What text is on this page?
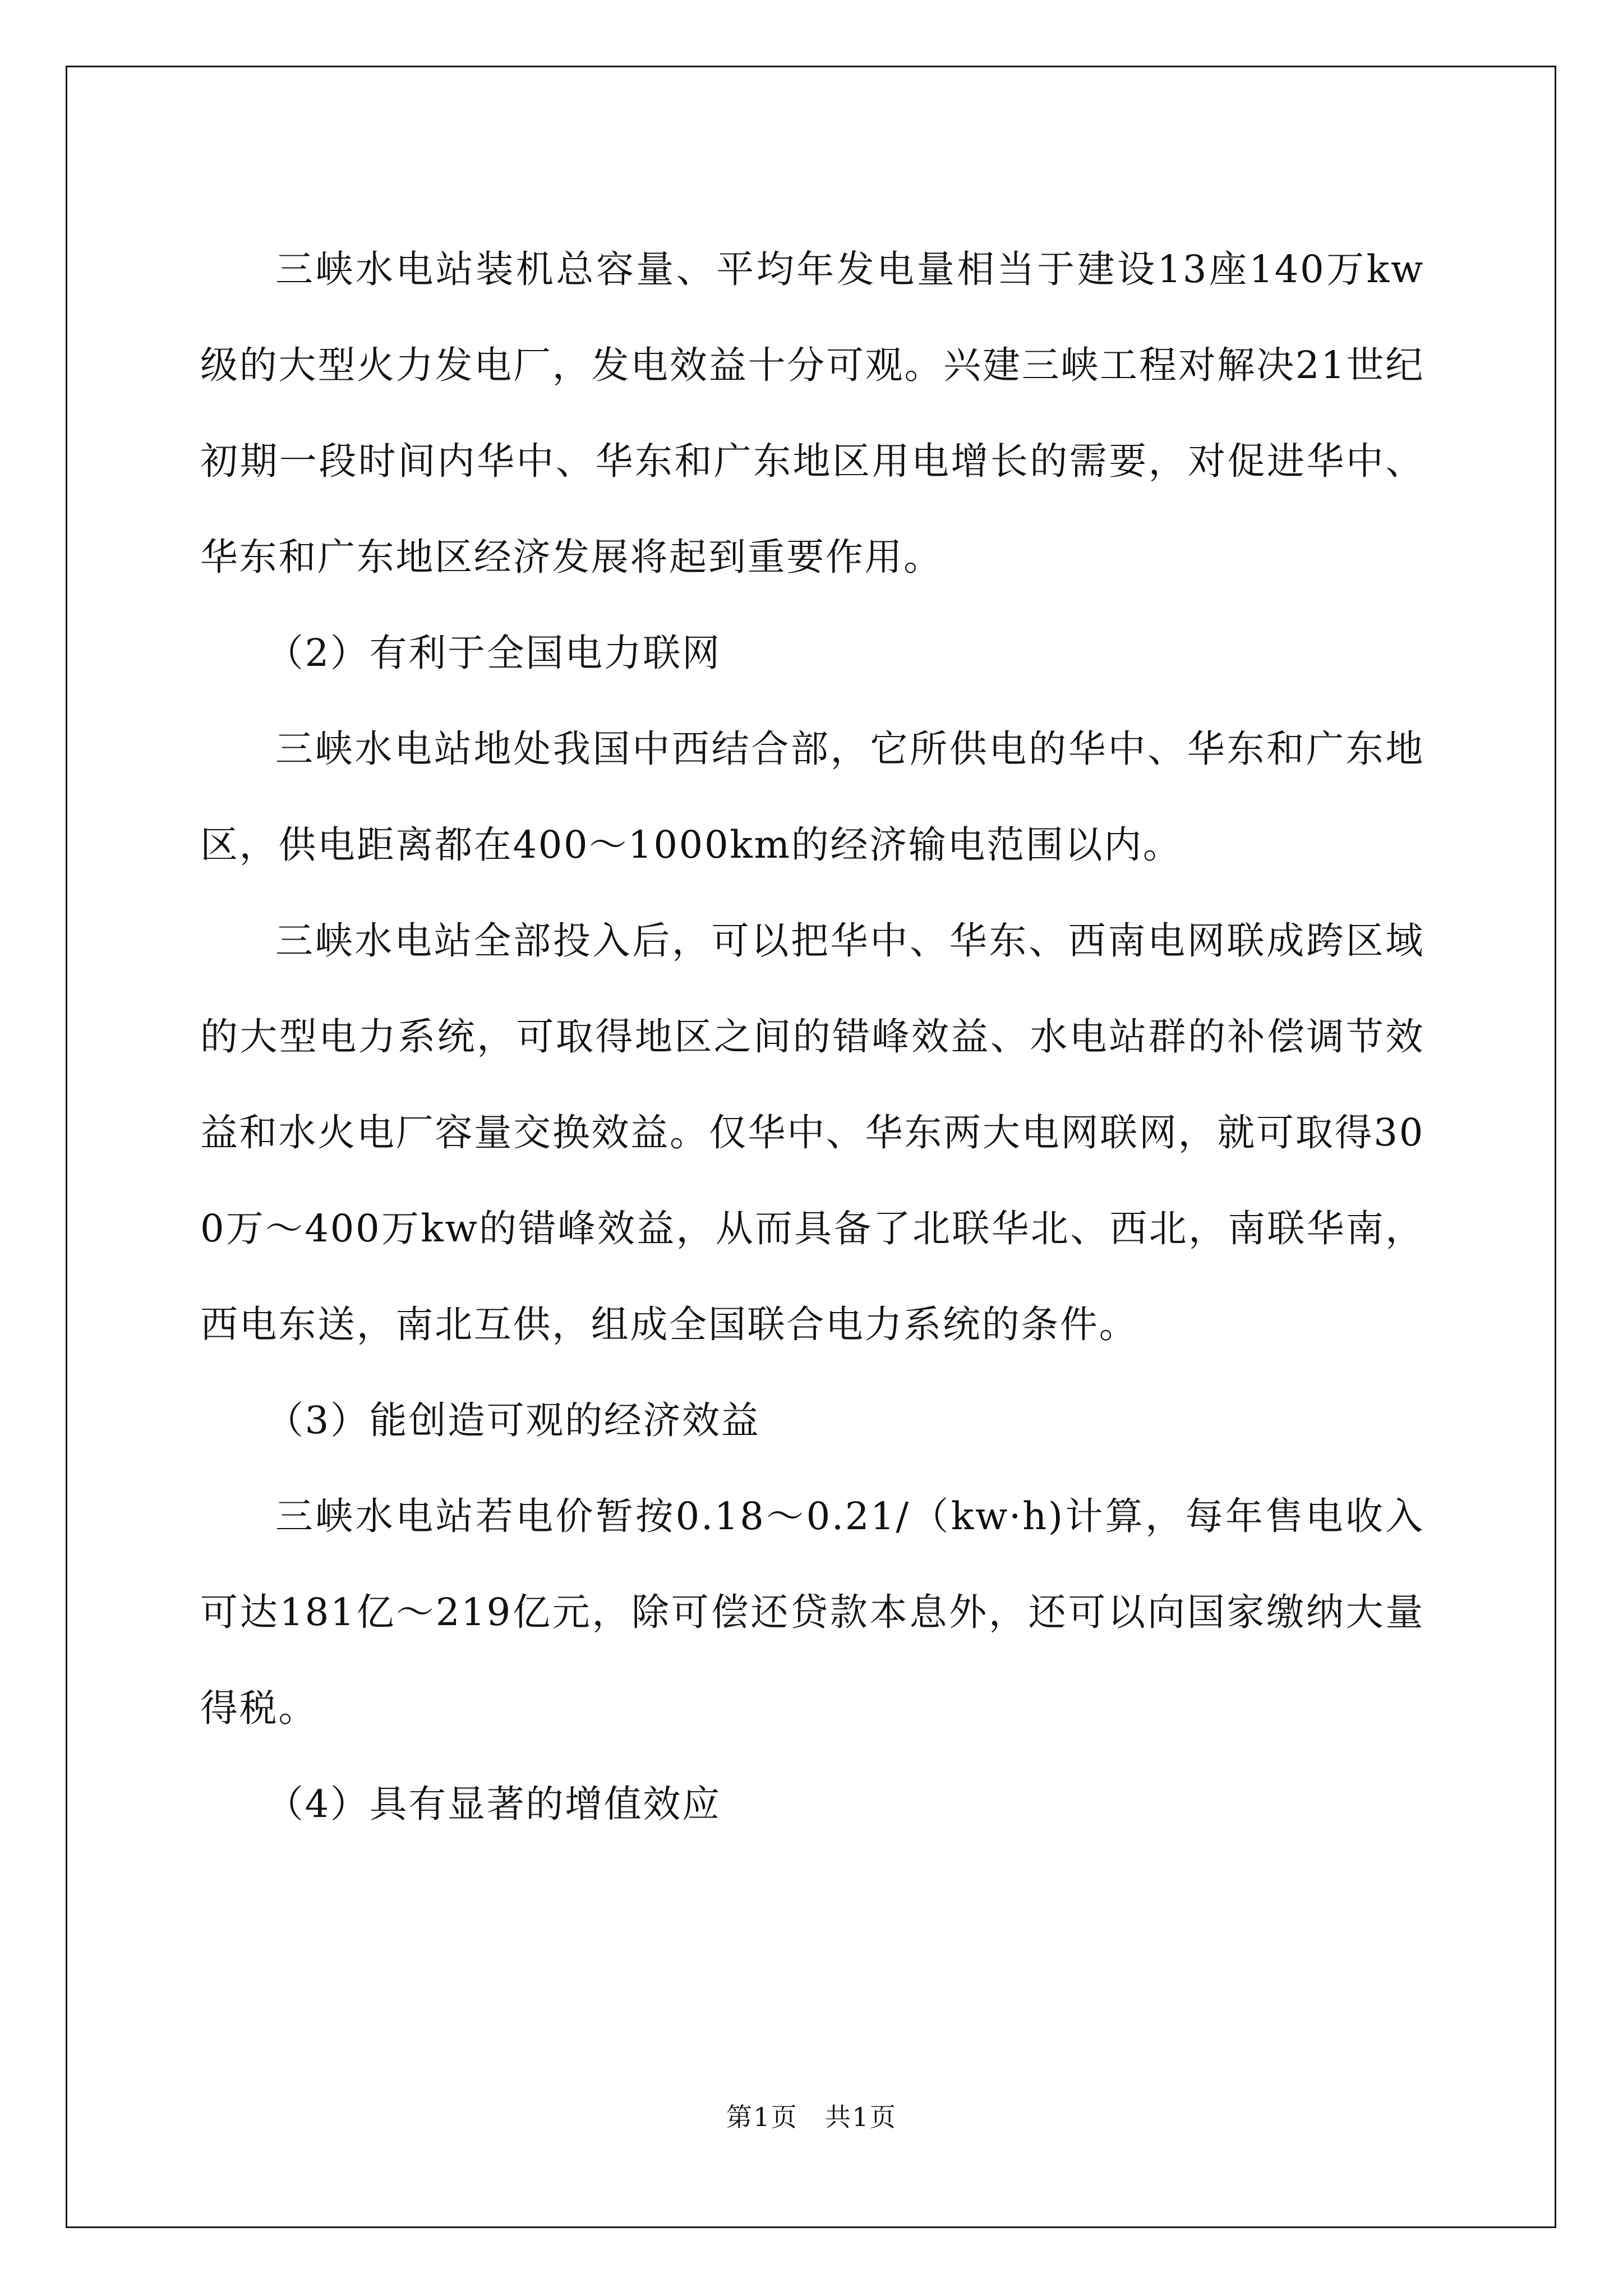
三峡水电站装机总容量、平均年发电量相当于建设13座140万kw级的大型火力发电厂，发电效益十分可观。兴建三峡工程对解决21世纪初期一段时间内华中、华东和广东地区用电增长的需要，对促进华中、华东和广东地区经济发展将起到重要作用。

（2）有利于全国电力联网

三峡水电站地处我国中西结合部，它所供电的华中、华东和广东地区，供电距离都在400～1000km的经济输电范围以内。

三峡水电站全部投入后，可以把华中、华东、西南电网联成跨区域的大型电力系统，可取得地区之间的错峰效益、水电站群的补偿调节效益和水火电厂容量交换效益。仅华中、华东两大电网联网，就可取得300万～400万kw的错峰效益，从而具备了北联华北、西北，南联华南，西电东送，南北互供，组成全国联合电力系统的条件。

（3）能创造可观的经济效益

三峡水电站若电价暂按0.18～0.21/（kw·h)计算，每年售电收入可达181亿～219亿元，除可偿还贷款本息外，还可以向国家缴纳大量得税。

（4）具有显著的增值效应

第1页 共1页
